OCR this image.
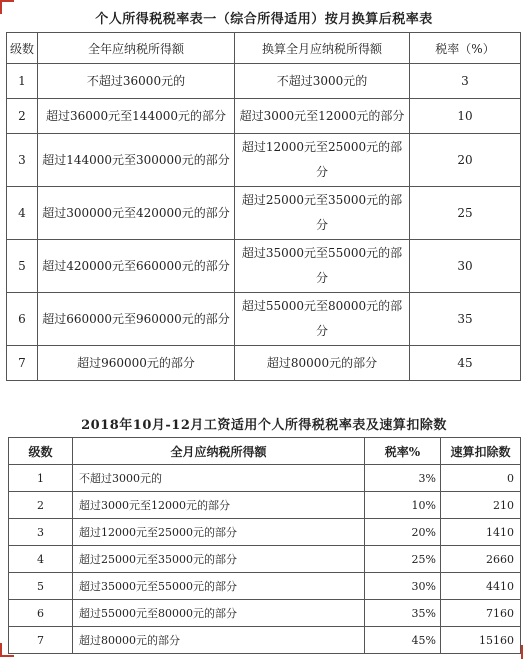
个人所得税税率表一（综合所得适用）按月换算后税率表
级数	全年应纳税所得额	换算全月应纳税所得额	税率（%）
1	不超过36000元的	不超过3000元的	3
2	超过36000元至144000元的部分	超过3000元至12000元的部分	10
3	超过144000元至300000元的部分	超过12000元至25000元的部分	20
4	超过300000元至420000元的部分	超过25000元至35000元的部分	25
5	超过420000元至660000元的部分	超过35000元至55000元的部分	30
6	超过660000元至960000元的部分	超过55000元至80000元的部分	35
7	超过960000元的部分	超过80000元的部分	45
2018年10月-12月工资适用个人所得税税率表及速算扣除数
级数	全月应纳税所得额	税率%	速算扣除数
1	不超过3000元的	3%	0
2	超过3000元至12000元的部分	10%	210
3	超过12000元至25000元的部分	20%	1410
4	超过25000元至35000元的部分	25%	2660
5	超过35000元至55000元的部分	30%	4410
6	超过55000元至80000元的部分	35%	7160
7	超过80000元的部分	45%	15160
